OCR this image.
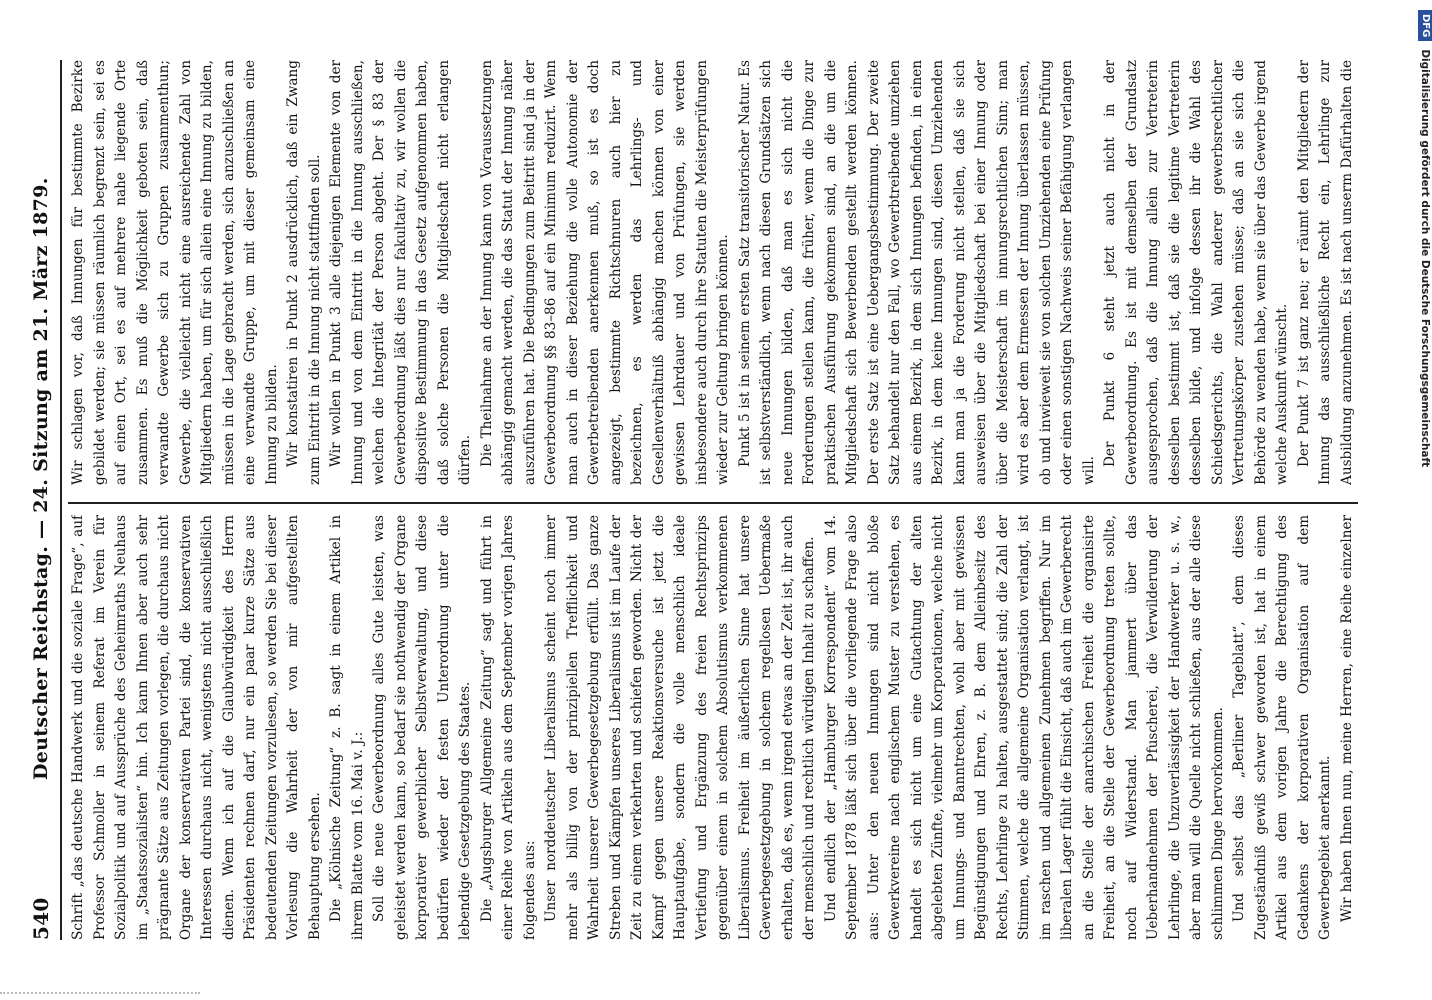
540
Deutscher Reichstag. — 24. Sitzung am 21. März 1879. Schrift „das deutsche Handwerk und die soziale Frage“, auf Professor Schmoller in seinem Referat im Verein für Sozialpolitik und auf Aussprüche des Geheimraths Neuhaus im „Staatssozialisten“ hin. Ich kann Ihnen aber auch sehr prägnante Sätze aus Zeitungen vorlegen, die durchaus nicht Organe der konservativen Partei sind, die konservativen Interessen durchaus nicht, wenigstens nicht ausschließlich dienen. Wenn ich auf die Glaubwürdigkeit des Herrn Präsidenten rechnen darf, nur ein paar kurze Sätze aus bedeutenden Zeitungen vorzulesen, so werden Sie bei dieser Vorlesung die Wahrheit der von mir aufgestellten Behauptung ersehen. Die „Kölnische Zeitung“ z. B. sagt in einem Artikel in ihrem Blatte vom 16. Mai v. J.: Soll die neue Gewerbeordnung alles Gute leisten, was geleistet werden kann, so bedarf sie nothwendig der Organe korporativer gewerblicher Selbstverwaltung, und diese bedürfen wieder der festen Unterordnung unter die lebendige Gesetzgebung des Staates. Die „Augsburger Allgemeine Zeitung“ sagt und führt in einer Reihe von Artikeln aus dem September vorigen Jahres folgendes aus: Unser norddeutscher Liberalismus scheint noch immer mehr als billig von der prinzipiellen Trefflichkeit und Wahrheit unserer Gewerbegesetzgebung erfüllt. Das ganze Streben und Kämpfen unseres Liberalismus ist im Laufe der Zeit zu einem verkehrten und schiefen geworden. Nicht der Kampf gegen unsere Reaktionsversuche ist jetzt die Hauptaufgabe, sondern die volle menschlich ideale Vertiefung und Ergänzung des freien Rechtsprinzips gegenüber einem in solchem Absolutismus verkommenen Liberalismus. Freiheit im äußerlichen Sinne hat unsere Gewerbegesetzgebung in solchem regellosen Uebermaße erhalten, daß es, wenn irgend etwas an der Zeit ist, ihr auch der menschlich und rechtlich würdigen Inhalt zu schaffen. Und endlich der „Hamburger Korrespondent“ vom 14. September 1878 läßt sich über die vorliegende Frage also aus: Unter den neuen Innungen sind nicht bloße Gewerkvereine nach englischem Muster zu verstehen, es handelt es sich nicht um eine Gutachtung der alten abgelebten Zünfte, vielmehr um Korporationen, welche nicht um Innungs- und Banntrechten, wohl aber mit gewissen Begünstigungen und Ehren, z. B. dem Alleinbesitz des Rechts, Lehrlinge zu halten, ausgestattet sind; die Zahl der Stimmen, welche die allgemeine Organisation verlangt, ist im raschen und allgemeinen Zunehmen begriffen. Nur im liberalen Lager fühlt die Einsicht, daß auch im Gewerberecht an die Stelle der anarchischen Freiheit die organisirte Freiheit, an die Stelle der Gewerbeordnung treten sollte, noch auf Widerstand. Man jammert über das Ueberhandnehmen der Pfuscherei, die Verwilderung der Lehrlinge, die Unzuverlässigkeit der Handwerker u. s. w., aber man will die Quelle nicht schließen, aus der alle diese schlimmen Dinge hervorkommen. Und selbst das „Berliner Tageblatt“, dem dieses Zugeständniß gewiß schwer geworden ist, hat in einem Artikel aus dem vorigen Jahre die Berechtigung des Gedankens der korporativen Organisation auf dem Gewerbegebiet anerkannt. Wir haben Ihnen nun, meine Herren, eine Reihe einzelner

Wir schlagen vor, daß Innungen für bestimmte Bezirke gebildet werden; sie müssen räumlich begrenzt sein, sei es auf einen Ort, sei es auf mehrere nahe liegende Orte zusammen. Es muß die Möglichkeit geboten sein, daß verwandte Gewerbe sich zu Gruppen zusammenthun; Gewerbe, die vielleicht nicht eine ausreichende Zahl von Mitgliedern haben, um für sich allein eine Innung zu bilden, müssen in die Lage gebracht werden, sich anzuschließen an eine verwandte Gruppe, um mit dieser gemeinsam eine Innung zu bilden. Wir konstatiren in Punkt 2 ausdrücklich, daß ein Zwang zum Eintritt in die Innung nicht stattfinden soll. Wir wollen in Punkt 3 alle diejenigen Elemente von der Innung und von dem Eintritt in die Innung ausschließen, welchen die Integrität der Person abgeht. Der § 83 der Gewerbeordnung läßt dies nur fakultativ zu, wir wollen die dispositive Bestimmung in das Gesetz aufgenommen haben, daß solche Personen die Mitgliedschaft nicht erlangen dürfen. Die Theilnahme an der Innung kann von Voraussetzungen abhängig gemacht werden, die das Statut der Innung näher auszuführen hat. Die Bedingungen zum Beitritt sind ja in der Gewerbeordnung §§ 83–86 auf ein Minimum reduzirt. Wenn man auch in dieser Beziehung die volle Autonomie der Gewerbetreibenden anerkennen muß, so ist es doch angezeigt, bestimmte Richtschnuren auch hier zu bezeichnen, es werden das Lehrlings- und Gesellenverhältniß abhängig machen können von einer gewissen Lehrdauer und von Prüfungen, sie werden insbesondere auch durch ihre Statuten die Meisterprüfungen wieder zur Geltung bringen können. Punkt 5 ist in seinem ersten Satz transitorischer Natur. Es ist selbstverständlich, wenn nach diesen Grundsätzen sich neue Innungen bilden, daß man es sich nicht die Forderungen stellen kann, die früher, wenn die Dinge zur praktischen Ausführung gekommen sind, an die um die Mitgliedschaft sich Bewerbenden gestellt werden können. Der erste Satz ist eine Uebergangsbestimmung. Der zweite Satz behandelt nur den Fall, wo Gewerbtreibende umziehen aus einem Bezirk, in dem sich Innungen befinden, in einen Bezirk, in dem keine Innungen sind, diesen Umziehenden kann man ja die Forderung nicht stellen, daß sie sich ausweisen über die Mitgliedschaft bei einer Innung oder über die Meisterschaft im innungsrechtlichen Sinn; man wird es aber dem Ermessen der Innung überlassen müssen, ob und inwieweit sie von solchen Umziehenden eine Prüfung oder einen sonstigen Nachweis seiner Befähigung verlangen will.

Der Punkt 6 steht jetzt auch nicht in der Gewerbeordnung. Es ist mit demselben der Grundsatz ausgesprochen, daß die Innung allein zur Vertreterin desselben bestimmt ist, daß sie die legitime Vertreterin desselben bilde, und infolge dessen ihr die Wahl des Schiedsgerichts, die Wahl anderer gewerbsrechtlicher Vertretungskörper zustehen müsse; daß an sie sich die Behörde zu wenden habe, wenn sie über das Gewerbe irgend welche Auskunft wünscht. Der Punkt 7 ist ganz neu; er räumt den Mitgliedern der Innung das ausschließliche Recht ein, Lehrlinge zur Ausbildung anzunehmen. Es ist nach unserm Dafürhalten die

DFG
Digitalisierung gefördert durch die Deutsche Forschungsgemeinschaft
